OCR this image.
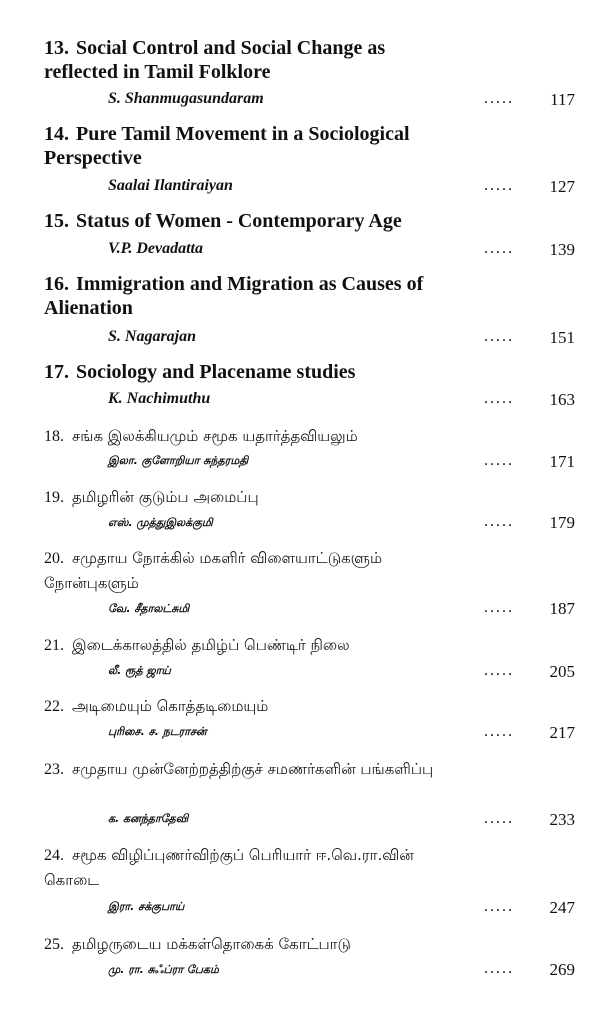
13. Social Control and Social Change as reflected in Tamil Folklore
S. Shanmugasundaram	..... 117
14. Pure Tamil Movement in a Sociological Perspective
Saalai Ilantiraiyan	..... 127
15. Status of Women - Contemporary Age
V.P. Devadatta	..... 139
16. Immigration and Migration as Causes of Alienation
S. Nagarajan	..... 151
17. Sociology and Placename studies
K. Nachimuthu	..... 163
18. சங்க இலக்கியமும் சமூக யதார்த்தவியலும்
இலா. குளோறியா சுந்தரமதி	..... 171
19. தமிழரின் குடும்ப அமைப்பு
எஸ். முத்துஇலக்குமி	..... 179
20. சமுதாய நோக்கில் மகளிர் விளையாட்டுகளும் நோன்புகளும்
வே. சீதாலட்சுமி	..... 187
21. இடைக்காலத்தில் தமிழ்ப் பெண்டிர் நிலை
லீ. ரூத் ஜாய்	..... 205
22. அடிமையும் கொத்தடிமையும்
புரிசை. ச. நடராசன்	..... 217
23. சமுதாய முன்னேற்றத்திற்குச் சமணர்களின் பங்களிப்பு
க. கனந்தாதேவி	..... 233
24. சமூக விழிப்புணர்விற்குப் பெரியார் ஈ.வெ.ரா.வின் கொடை
இரா. சக்குபாய்	..... 247
25. தமிழருடைய மக்கள்தொகைக் கோட்பாடு
மு. ரா. சுஃப்ரா பேகம்	..... 269
